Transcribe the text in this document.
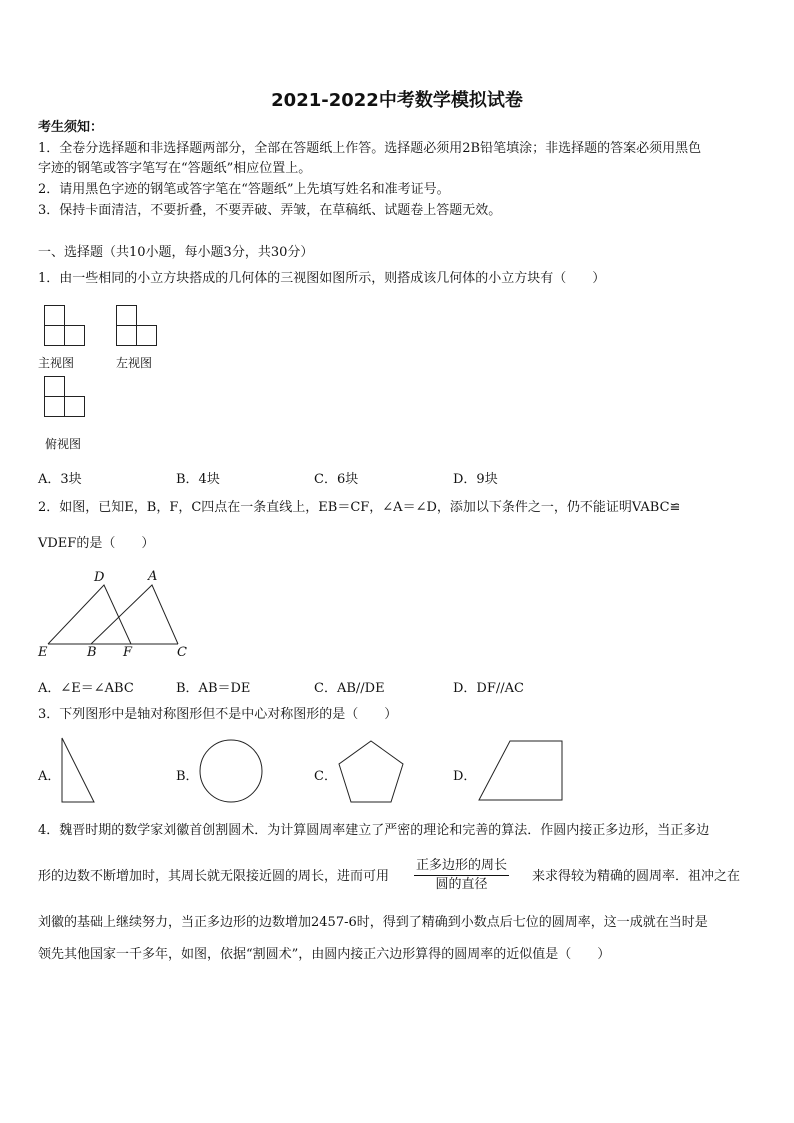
2021-2022中考数学模拟试卷
考生须知：
1．全卷分选择题和非选择题两部分，全部在答题纸上作答。选择题必须用2B铅笔填涂；非选择题的答案必须用黑色
字迹的钢笔或答字笔写在“答题纸”相应位置上。
2．请用黑色字迹的钢笔或答字笔在“答题纸”上先填写姓名和准考证号。
3．保持卡面清洁，不要折叠，不要弄破、弄皱，在草稿纸、试题卷上答题无效。
一、选择题（共10小题，每小题3分，共30分）
1．由一些相同的小立方块搭成的几何体的三视图如图所示，则搭成该几何体的小立方块有（　　）
主视图	左视图
俯视图
A．3块	B．4块	C．6块	D．9块
2．如图，已知E，B，F，C四点在一条直线上，EB＝CF，∠A＝∠D，添加以下条件之一，仍不能证明VABC≌
VDEF的是（　　）
D	A
E	B F	C
A．∠E＝∠ABC	B．AB＝DE	C．AB//DE	D．DF//AC
3．下列图形中是轴对称图形但不是中心对称图形的是（　　）
A．	B．	C．	D．
4．魏晋时期的数学家刘徽首创割圆术．为计算圆周率建立了严密的理论和完善的算法．作圆内接正多边形，当正多边
形的边数不断增加时，其周长就无限接近圆的周长，进而可用 $\frac{\text{正多边形的周长}}{\text{圆的直径}}$ 来求得较为精确的圆周率．祖冲之在
刘徽的基础上继续努力，当正多边形的边数增加2457-6时，得到了精确到小数点后七位的圆周率，这一成就在当时是
领先其他国家一千多年，如图，依据“割圆术”，由圆内接正六边形算得的圆周率的近似值是（　　）
